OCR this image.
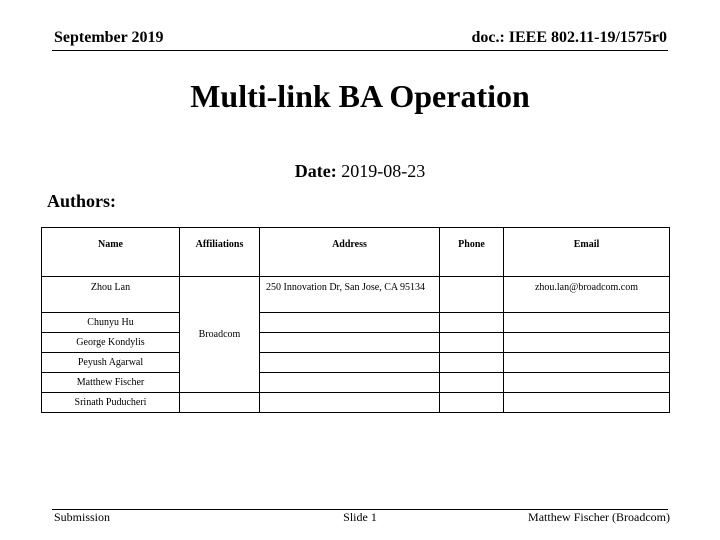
September 2019	doc.: IEEE 802.11-19/1575r0
Multi-link BA Operation
Date: 2019-08-23
Authors:
Name	Affiliations	Address	Phone	Email
Zhou Lan	Broadcom	250 Innovation Dr, San Jose, CA 95134		zhou.lan@broadcom.com
Chunyu Hu				
George Kondylis				
Peyush Agarwal				
Matthew Fischer				
Srinath Puducheri				
Submission	Slide 1	Matthew Fischer (Broadcom)
